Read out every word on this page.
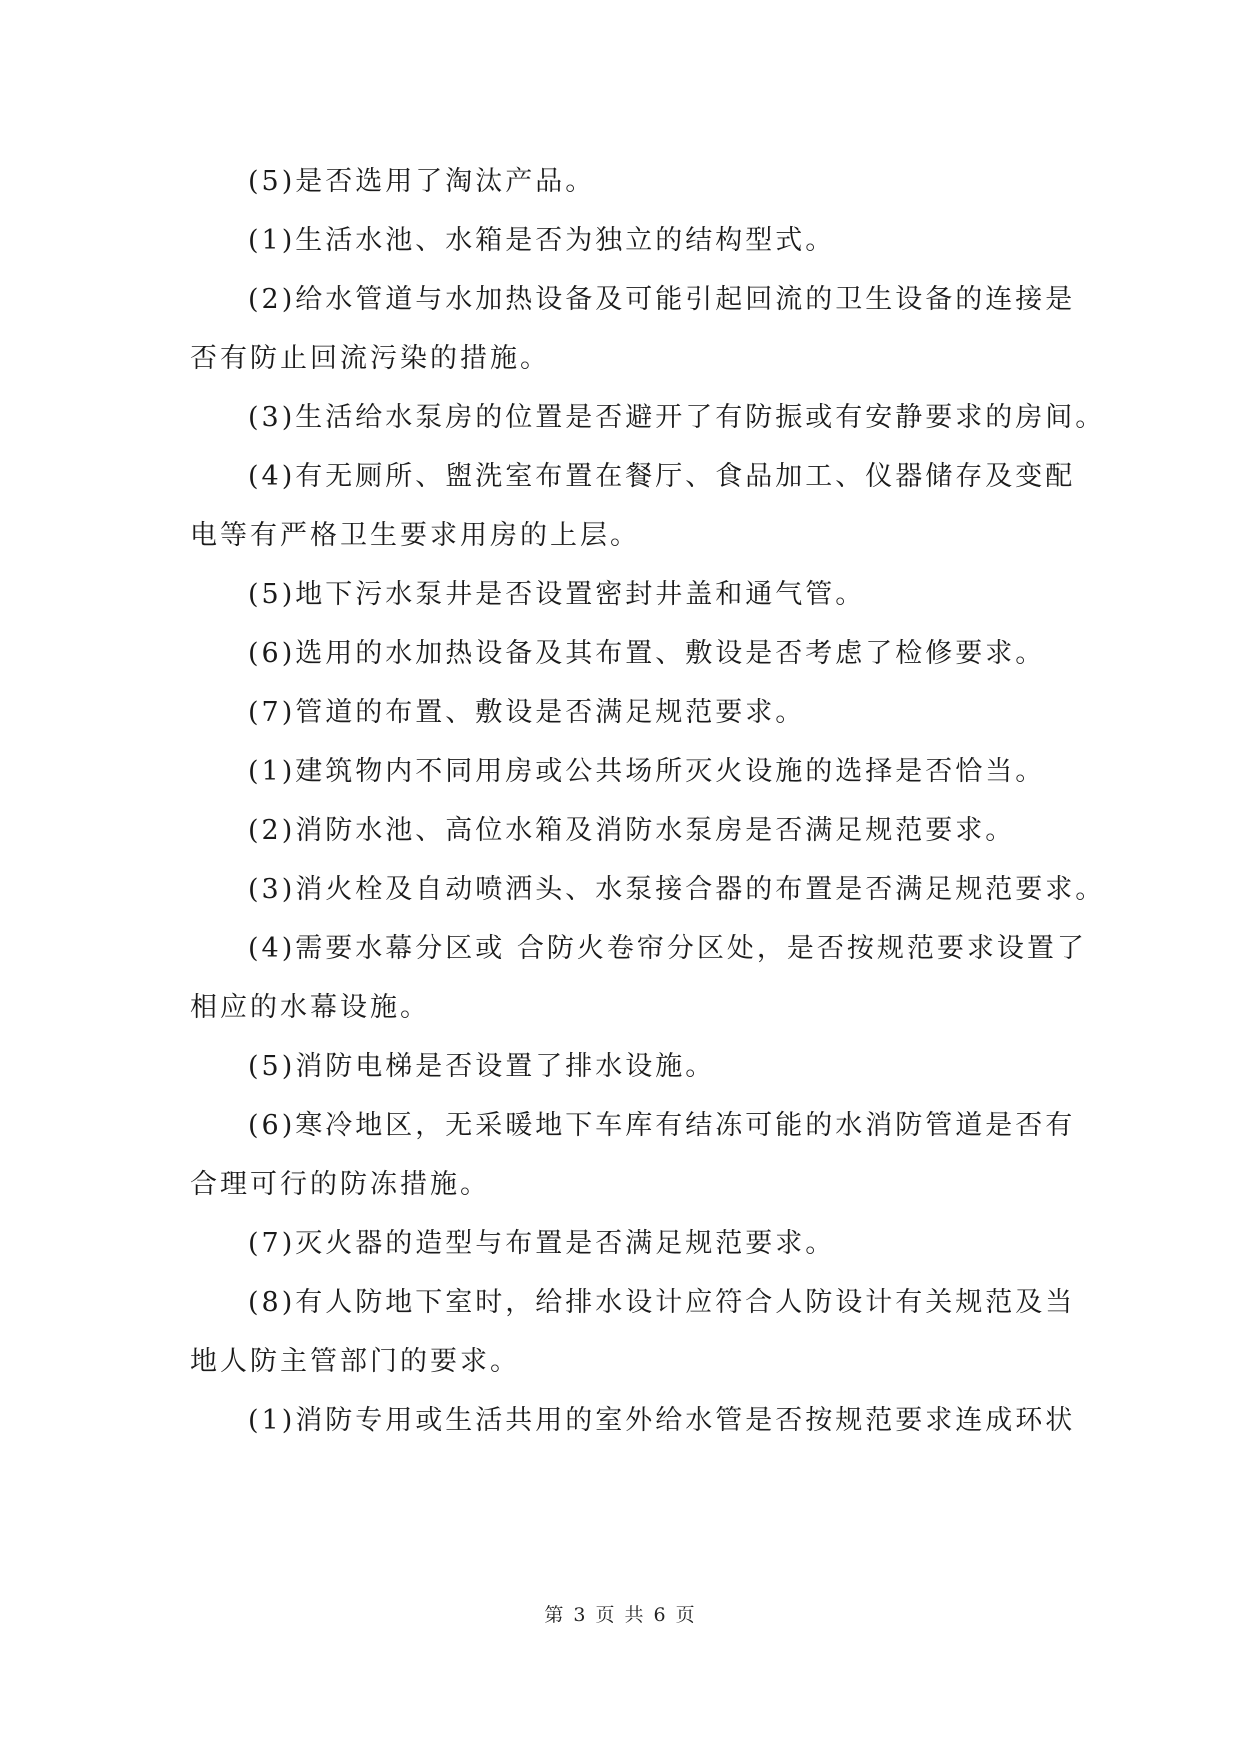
(5)是否选用了淘汰产品。
(1)生活水池、水箱是否为独立的结构型式。
(2)给水管道与水加热设备及可能引起回流的卫生设备的连接是
否有防止回流污染的措施。
(3)生活给水泵房的位置是否避开了有防振或有安静要求的房间。
(4)有无厕所、盥洗室布置在餐厅、食品加工、仪器储存及变配
电等有严格卫生要求用房的上层。
(5)地下污水泵井是否设置密封井盖和通气管。
(6)选用的水加热设备及其布置、敷设是否考虑了检修要求。
(7)管道的布置、敷设是否满足规范要求。
(1)建筑物内不同用房或公共场所灭火设施的选择是否恰当。
(2)消防水池、高位水箱及消防水泵房是否满足规范要求。
(3)消火栓及自动喷洒头、水泵接合器的布置是否满足规范要求。
(4)需要水幕分区或 合防火卷帘分区处，是否按规范要求设置了
相应的水幕设施。
(5)消防电梯是否设置了排水设施。
(6)寒冷地区，无采暖地下车库有结冻可能的水消防管道是否有
合理可行的防冻措施。
(7)灭火器的造型与布置是否满足规范要求。
(8)有人防地下室时，给排水设计应符合人防设计有关规范及当
地人防主管部门的要求。
(1)消防专用或生活共用的室外给水管是否按规范要求连成环状
第 3 页 共 6 页
